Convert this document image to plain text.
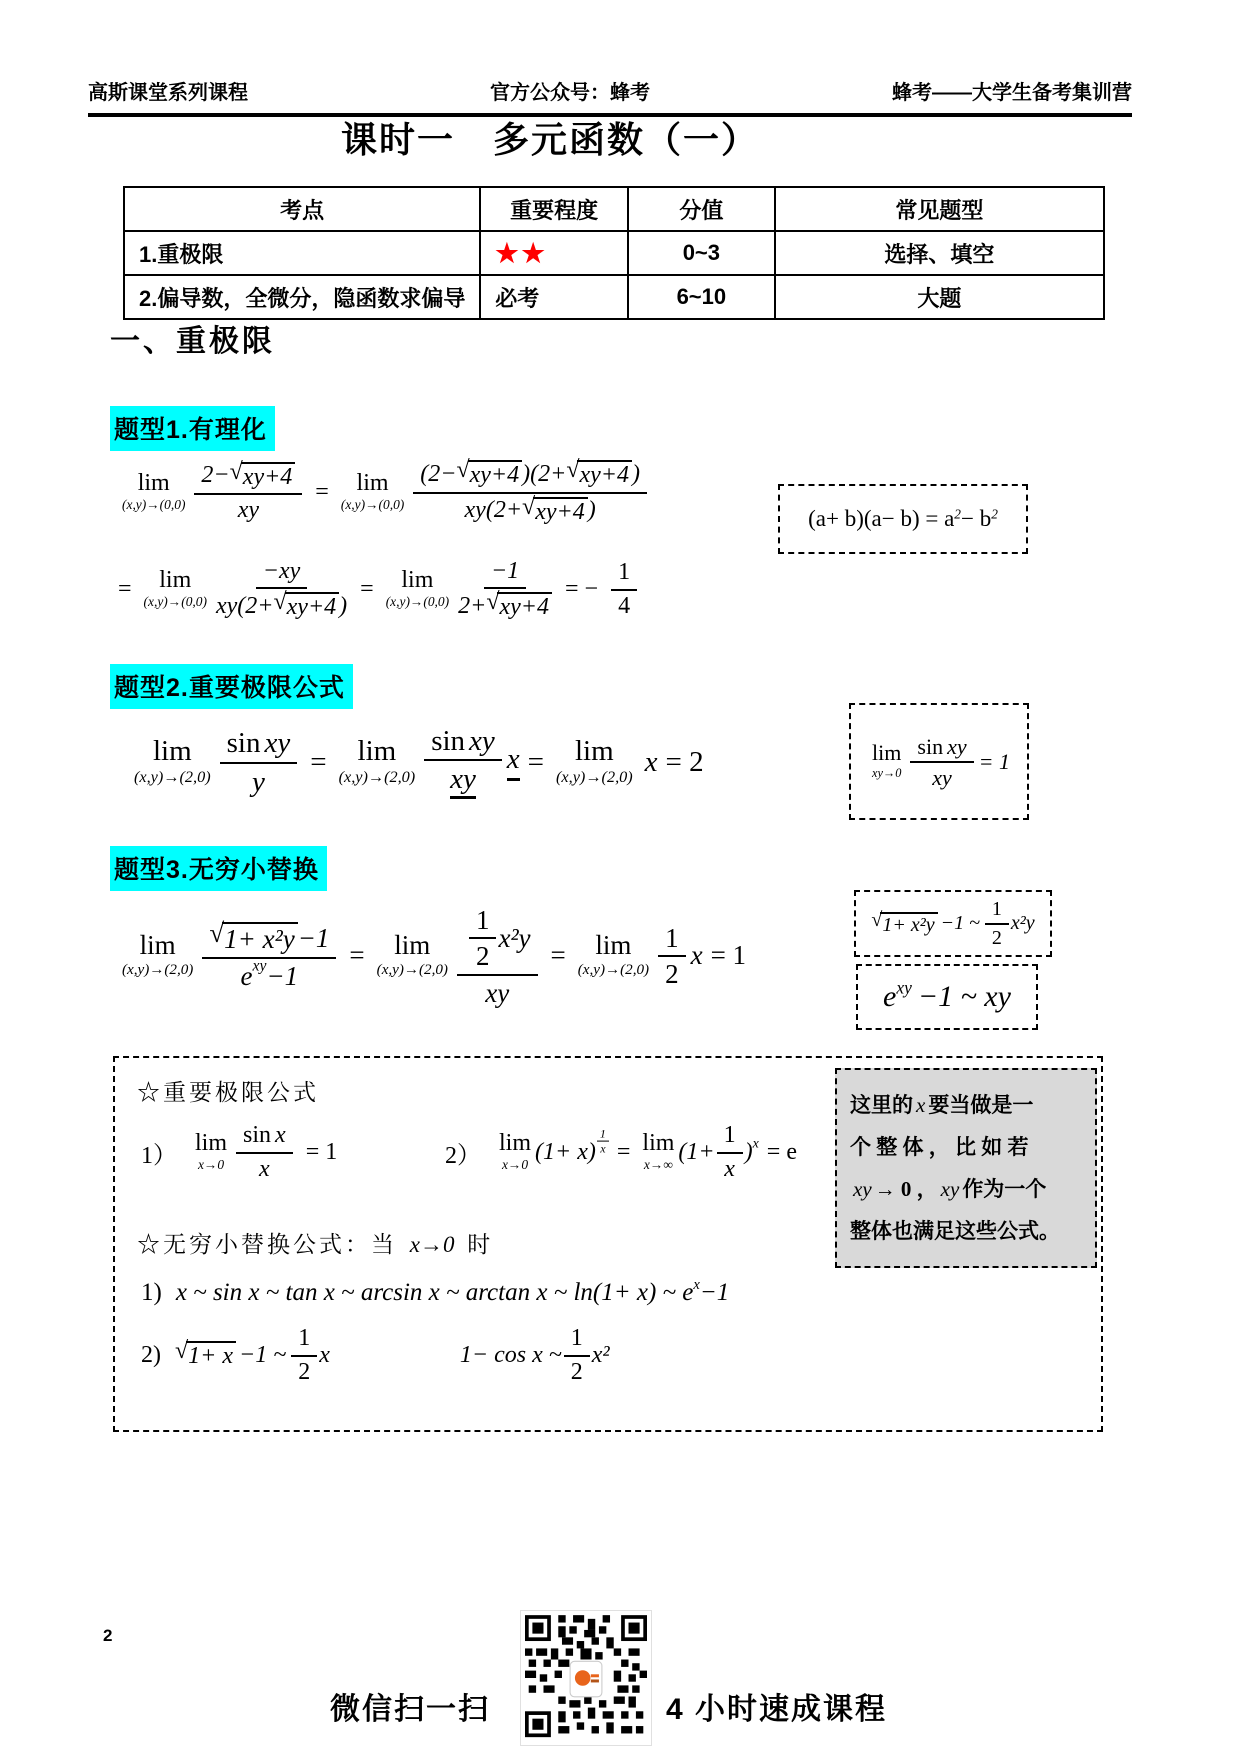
高斯课堂系列课程	官方公众号：蜂考	蜂考——大学生备考集训营
课时一　多元函数（一）
考点	重要程度	分值	常见题型
1.重极限	★★	0~3	选择、填空
2.偏导数，全微分，隐函数求偏导	必考	6~10	大题
一、重极限
题型1.有理化
lim
$(x,y)\to(0,0) \frac{2- √ xy+4}{xy} = \lim$
$(x,y)\to(0,0) \frac{(2- √ xy+4 )(2+ √ xy+4 )}{xy(2+ √ xy+4 )}$
= lim
$(x,y)\to(0,0) \frac{-xy}{xy(2+ √ xy+4 )} = \lim$
$(x,y)\to(0,0) \frac{-1}{2+ √ xy+4}$ = − $\frac{1}{4}$
(a+ b)(a− b) = a2− b2
题型2.重要极限公式
lim
$(x,y)\to(2,0) \frac{\text{sin xy}}{y} = \lim$
$(x,y)\to(2,0) \frac{\text{sin xy}}{xy}$ x = lim
(x,y)→(2,0) x = 2	lim
$xy\to 0 \frac{\text{sin xy}}{xy} = 1$
题型3.无穷小替换
lim
$(x,y)\to(2,0) \frac{\text{√ 1+ x²y −1}}{\text{e xy −1}} = \lim$
$(x,y)\to(2,0) \frac{\frac{1}{2} x^2y}{xy} = \lim$
$(x,y)\to(2,0) \frac{1}{2}$ x = 1
√ 1+ x²y −1 ~ $\frac{1}{2} x^2y$
e xy −1 ~ xy
☆重要极限公式
1） lim
$x\to 0 \frac{\text{sin x}}{x} = 1$	2） lim
x→0
$(1+ x) \frac{1}{x} = \lim$
x→∞
($1+ \frac{1}{x}$ ) x = e
☆无穷小替换公式：当 x→0 时
1) x ~ sin x ~ tan x ~ arcsin x ~ arctan x ~ ln(1+ x) ~ e x −1
2) √ 1+ x −1 ~ $\frac{1}{2}$ x	1− cos x ~ $\frac{1}{2} x^2$
这里的 x 要当做是一
个 整 体 ， 比 如 若
xy → 0 ， xy 作为一个
整体也满足这些公式。
2
微信扫一扫	4 小时速成课程
